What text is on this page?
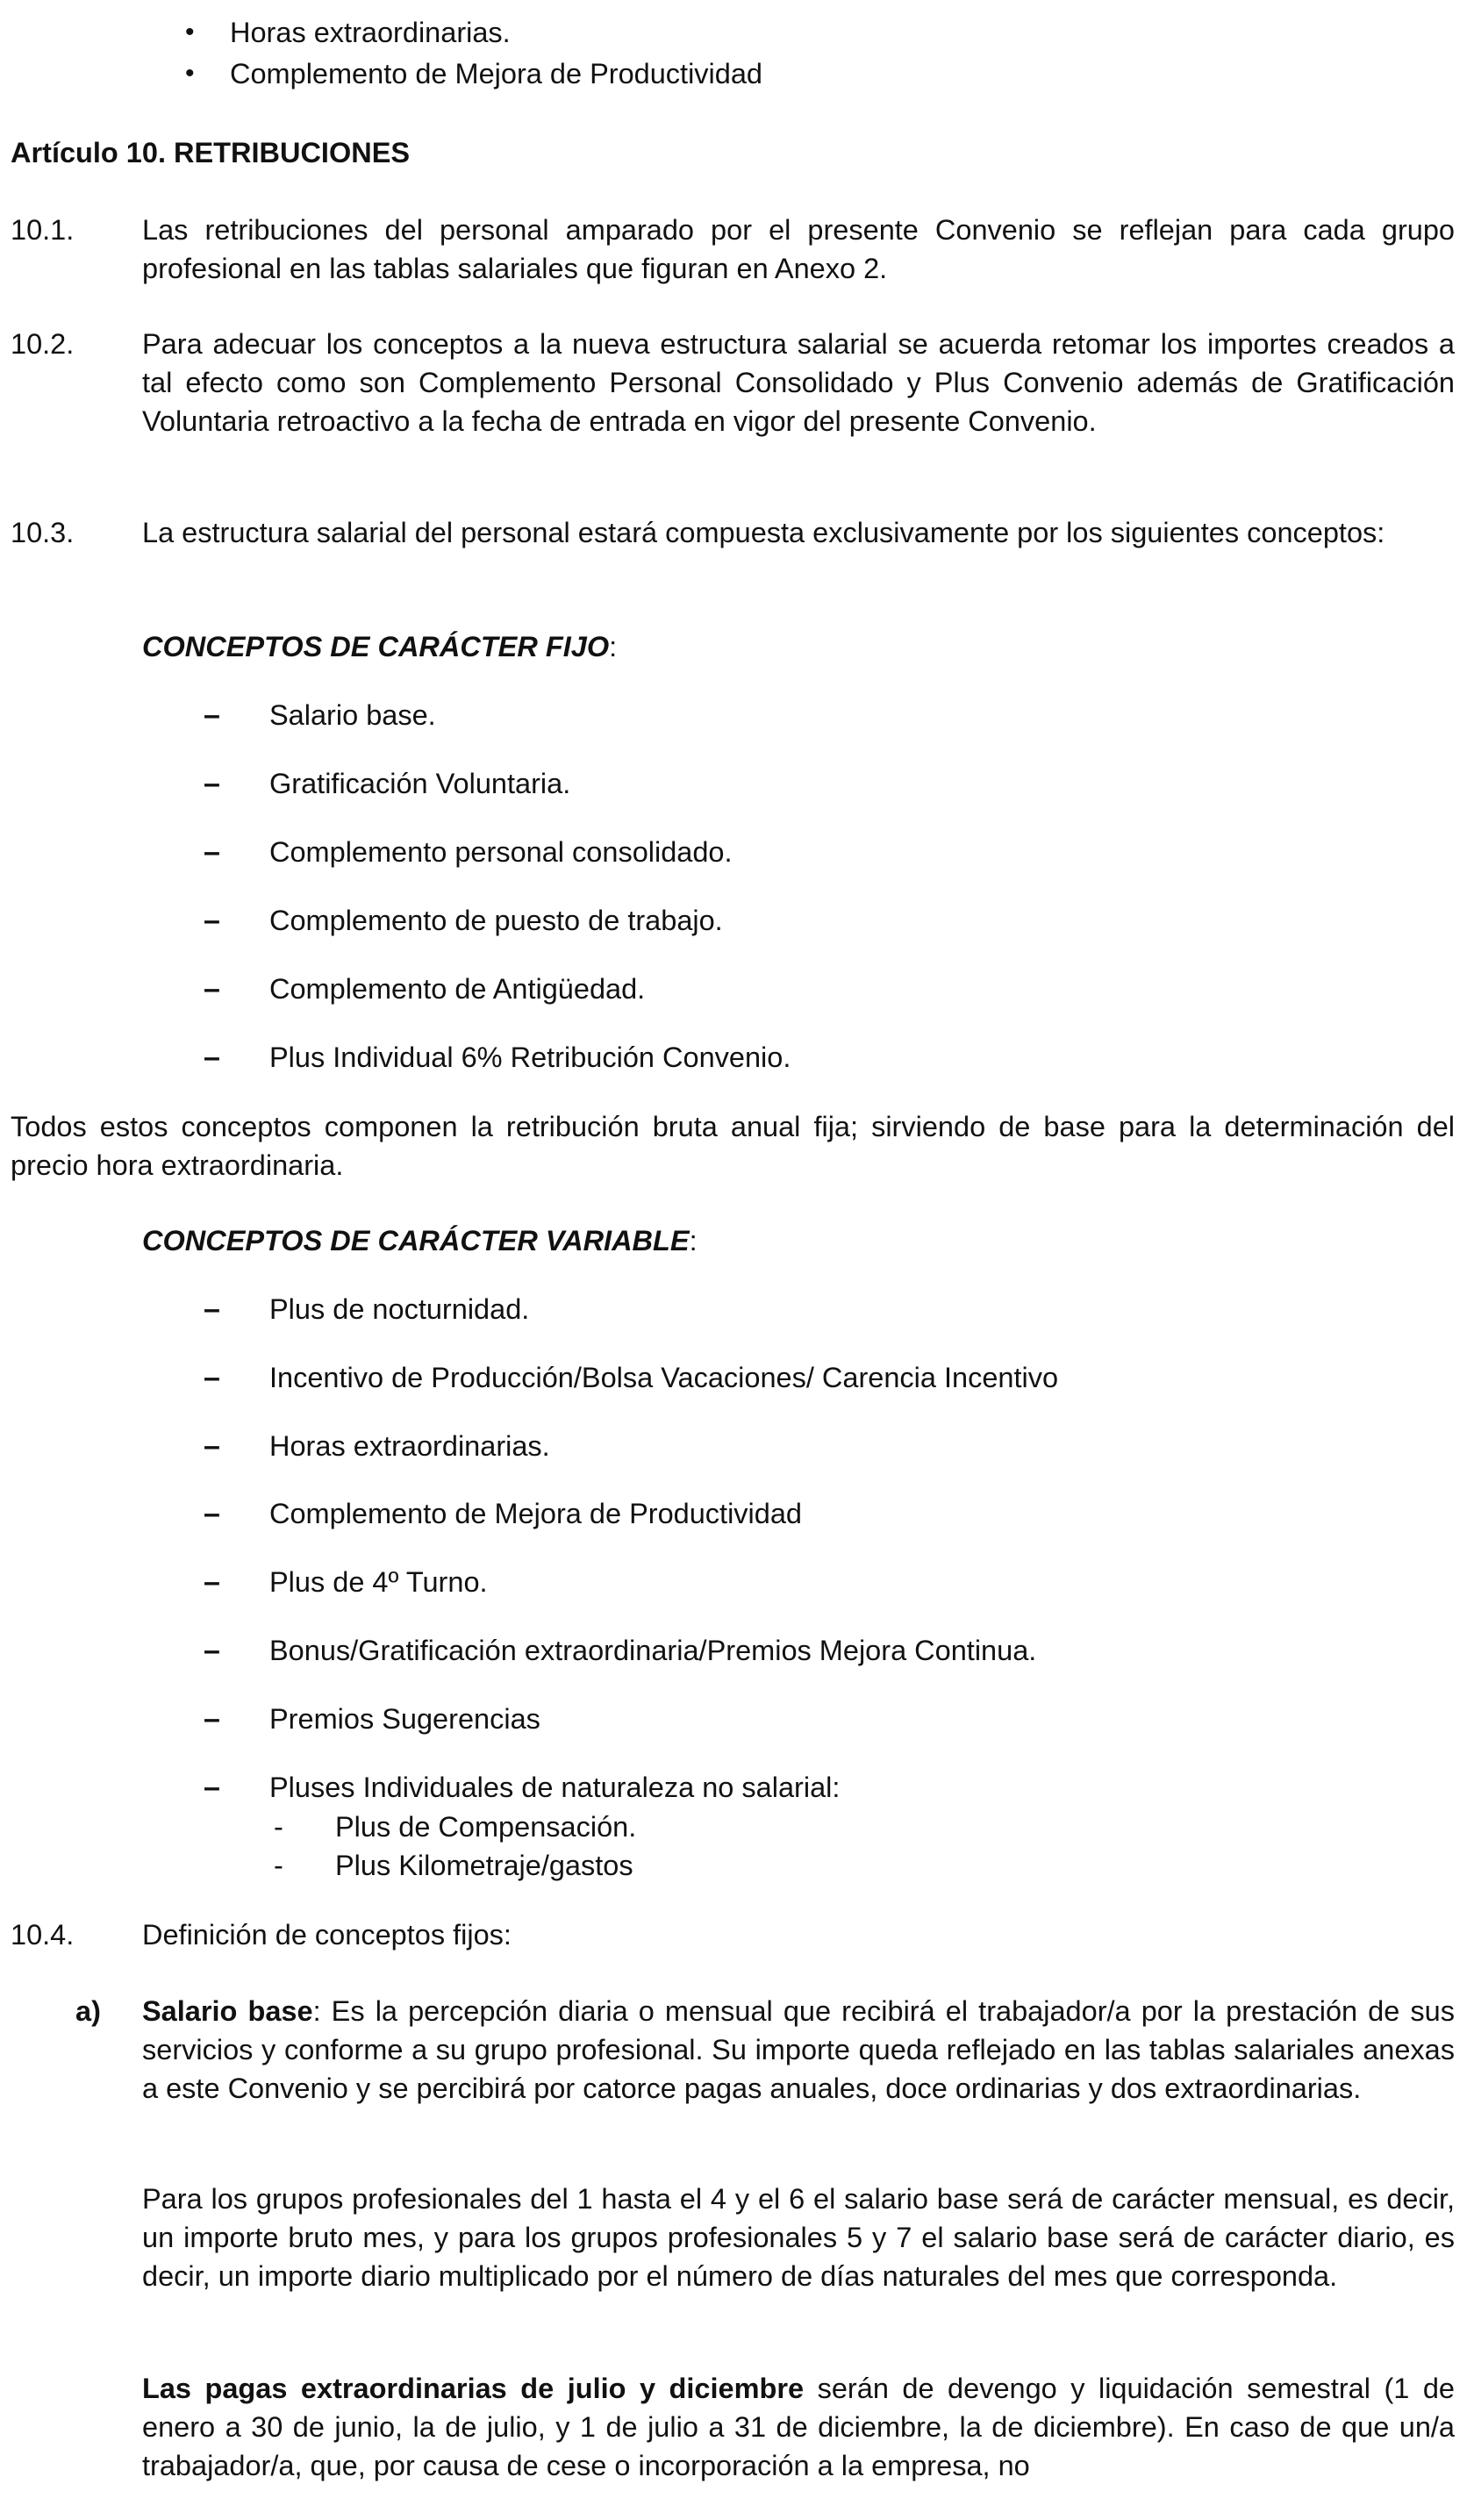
• Horas extraordinarias.
• Complemento de Mejora de Productividad
Artículo 10. RETRIBUCIONES
10.1. Las retribuciones del personal amparado por el presente Convenio se reflejan para cada grupo profesional en las tablas salariales que figuran en Anexo 2.
10.2. Para adecuar los conceptos a la nueva estructura salarial se acuerda retomar los importes creados a tal efecto como son Complemento Personal Consolidado y Plus Convenio además de Gratificación Voluntaria retroactivo a la fecha de entrada en vigor del presente Convenio.
10.3. La estructura salarial del personal estará compuesta exclusivamente por los siguientes conceptos:
CONCEPTOS DE CARÁCTER FIJO:
– Salario base.
– Gratificación Voluntaria.
– Complemento personal consolidado.
– Complemento de puesto de trabajo.
– Complemento de Antigüedad.
– Plus Individual 6% Retribución Convenio.
Todos estos conceptos componen la retribución bruta anual fija; sirviendo de base para la determinación del precio hora extraordinaria.
CONCEPTOS DE CARÁCTER VARIABLE:
– Plus de nocturnidad.
– Incentivo de Producción/Bolsa Vacaciones/ Carencia Incentivo
– Horas extraordinarias.
– Complemento de Mejora de Productividad
– Plus de 4º Turno.
– Bonus/Gratificación extraordinaria/Premios Mejora Continua.
– Premios Sugerencias
– Pluses Individuales de naturaleza no salarial:
- Plus de Compensación.
- Plus Kilometraje/gastos
10.4. Definición de conceptos fijos:
a) Salario base: Es la percepción diaria o mensual que recibirá el trabajador/a por la prestación de sus servicios y conforme a su grupo profesional. Su importe queda reflejado en las tablas salariales anexas a este Convenio y se percibirá por catorce pagas anuales, doce ordinarias y dos extraordinarias.
Para los grupos profesionales del 1 hasta el 4 y el 6 el salario base será de carácter mensual, es decir, un importe bruto mes, y para los grupos profesionales 5 y 7 el salario base será de carácter diario, es decir, un importe diario multiplicado por el número de días naturales del mes que corresponda.
Las pagas extraordinarias de julio y diciembre serán de devengo y liquidación semestral (1 de enero a 30 de junio, la de julio, y 1 de julio a 31 de diciembre, la de diciembre). En caso de que un/a trabajador/a, que, por causa de cese o incorporación a la empresa, no
